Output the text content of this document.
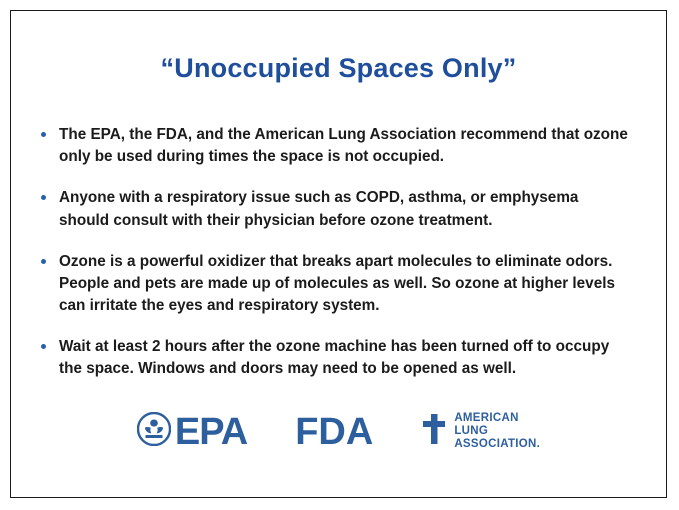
“Unoccupied Spaces Only”
The EPA, the FDA, and the American Lung Association recommend that ozone only be used during times the space is not occupied.
Anyone with a respiratory issue such as COPD, asthma, or emphysema should consult with their physician before ozone treatment.
Ozone is a powerful oxidizer that breaks apart molecules to eliminate odors. People and pets are made up of molecules as well. So ozone at higher levels can irritate the eyes and respiratory system.
Wait at least 2 hours after the ozone machine has been turned off to occupy the space. Windows and doors may need to be opened as well.
EPA FDA	AMERICAN
LUNG
ASSOCIATION.
